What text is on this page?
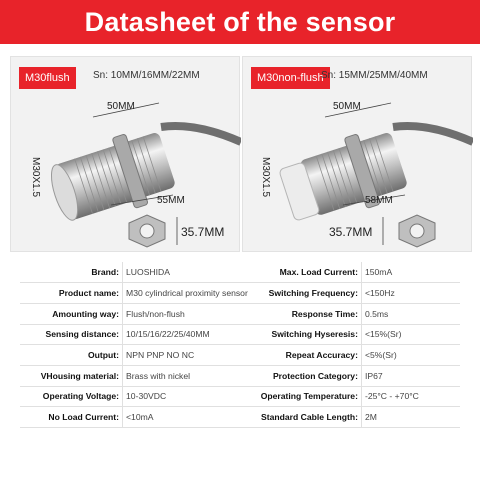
Datasheet of the sensor
M30flush	Sn: 10MM/16MM/22MM
50MM
M30X1.5
55MM
35.7MM
M30non-flush
Sn: 15MM/25MM/40MM
50MM
M30X1.5
58MM
35.7MM
Brand:	LUOSHIDA	Max. Load Current:	150mA
Product name:	M30 cylindrical proximity sensor	Switching Frequency:	<150Hz
Amounting way:	Flush/non-flush	Response Time:	0.5ms
Sensing distance:	10/15/16/22/25/40MM	Switching Hyseresis:	<15%(Sr)
Output:	NPN PNP NO NC	Repeat Accuracy:	<5%(Sr)
VHousing material:	Brass with nickel	Protection Category:	IP67
Operating Voltage:	10-30VDC	Operating Temperature:	-25°C - +70°C
No Load Current:	<10mA	Standard Cable Length:	2M
